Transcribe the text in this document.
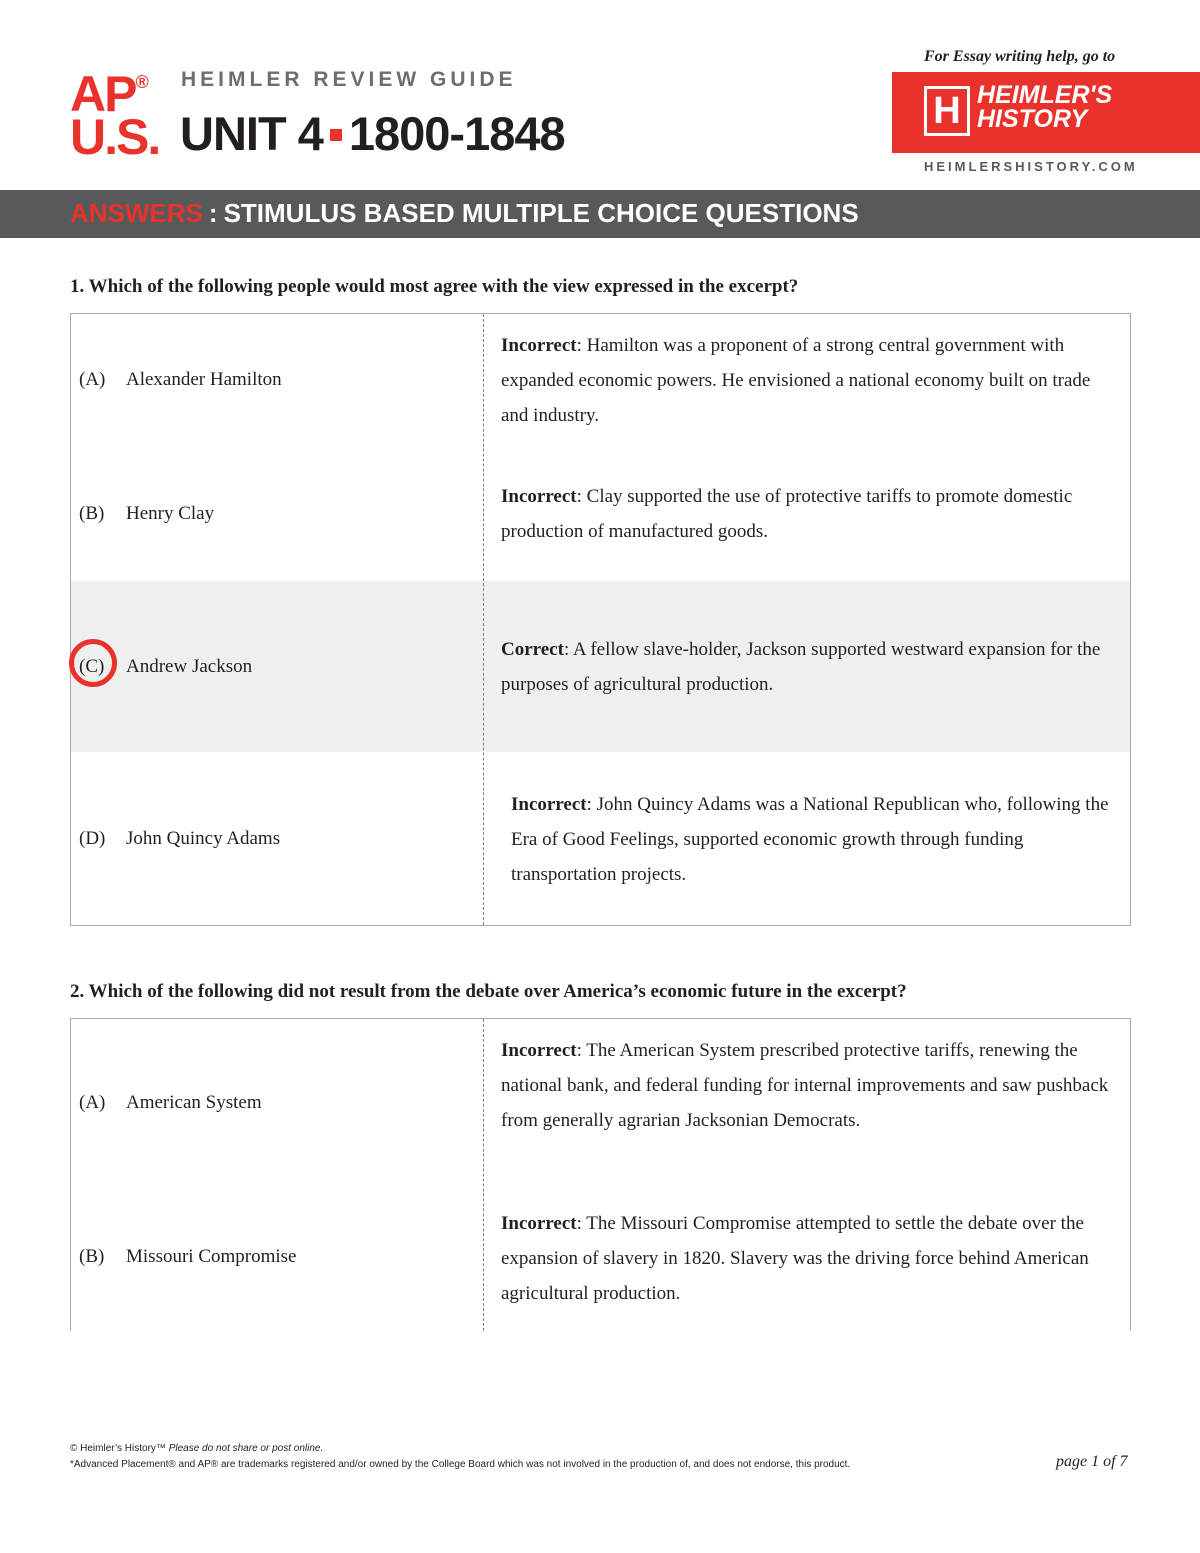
AP®
U.S.
HEIMLER REVIEW GUIDE
UNIT 4 1800-1848
For Essay writing help, go to
H HEIMLER'S
HISTORY
HEIMLERSHISTORY.COM
ANSWERS : STIMULUS BASED MULTIPLE CHOICE QUESTIONS
1. Which of the following people would most agree with the view expressed in the excerpt?
(A) Alexander Hamilton
Incorrect: Hamilton was a proponent of a strong central government with expanded economic powers. He envisioned a national economy built on trade and industry.
(B) Henry Clay
Incorrect: Clay supported the use of protective tariffs to promote domestic production of manufactured goods.
(C) Andrew Jackson
Correct: A fellow slave-holder, Jackson supported westward expansion for the purposes of agricultural production.
(D) John Quincy Adams
Incorrect: John Quincy Adams was a National Republican who, following the Era of Good Feelings, supported economic growth through funding transportation projects.
2. Which of the following did not result from the debate over America’s economic future in the excerpt?
(A) American System
Incorrect: The American System prescribed protective tariffs, renewing the national bank, and federal funding for internal improvements and saw pushback from generally agrarian Jacksonian Democrats.
(B) Missouri Compromise
Incorrect: The Missouri Compromise attempted to settle the debate over the expansion of slavery in 1820. Slavery was the driving force behind American agricultural production.
© Heimler’s History™ Please do not share or post online.
*Advanced Placement® and AP® are trademarks registered and/or owned by the College Board which was not involved in the production of, and does not endorse, this product.	page 1 of 7
